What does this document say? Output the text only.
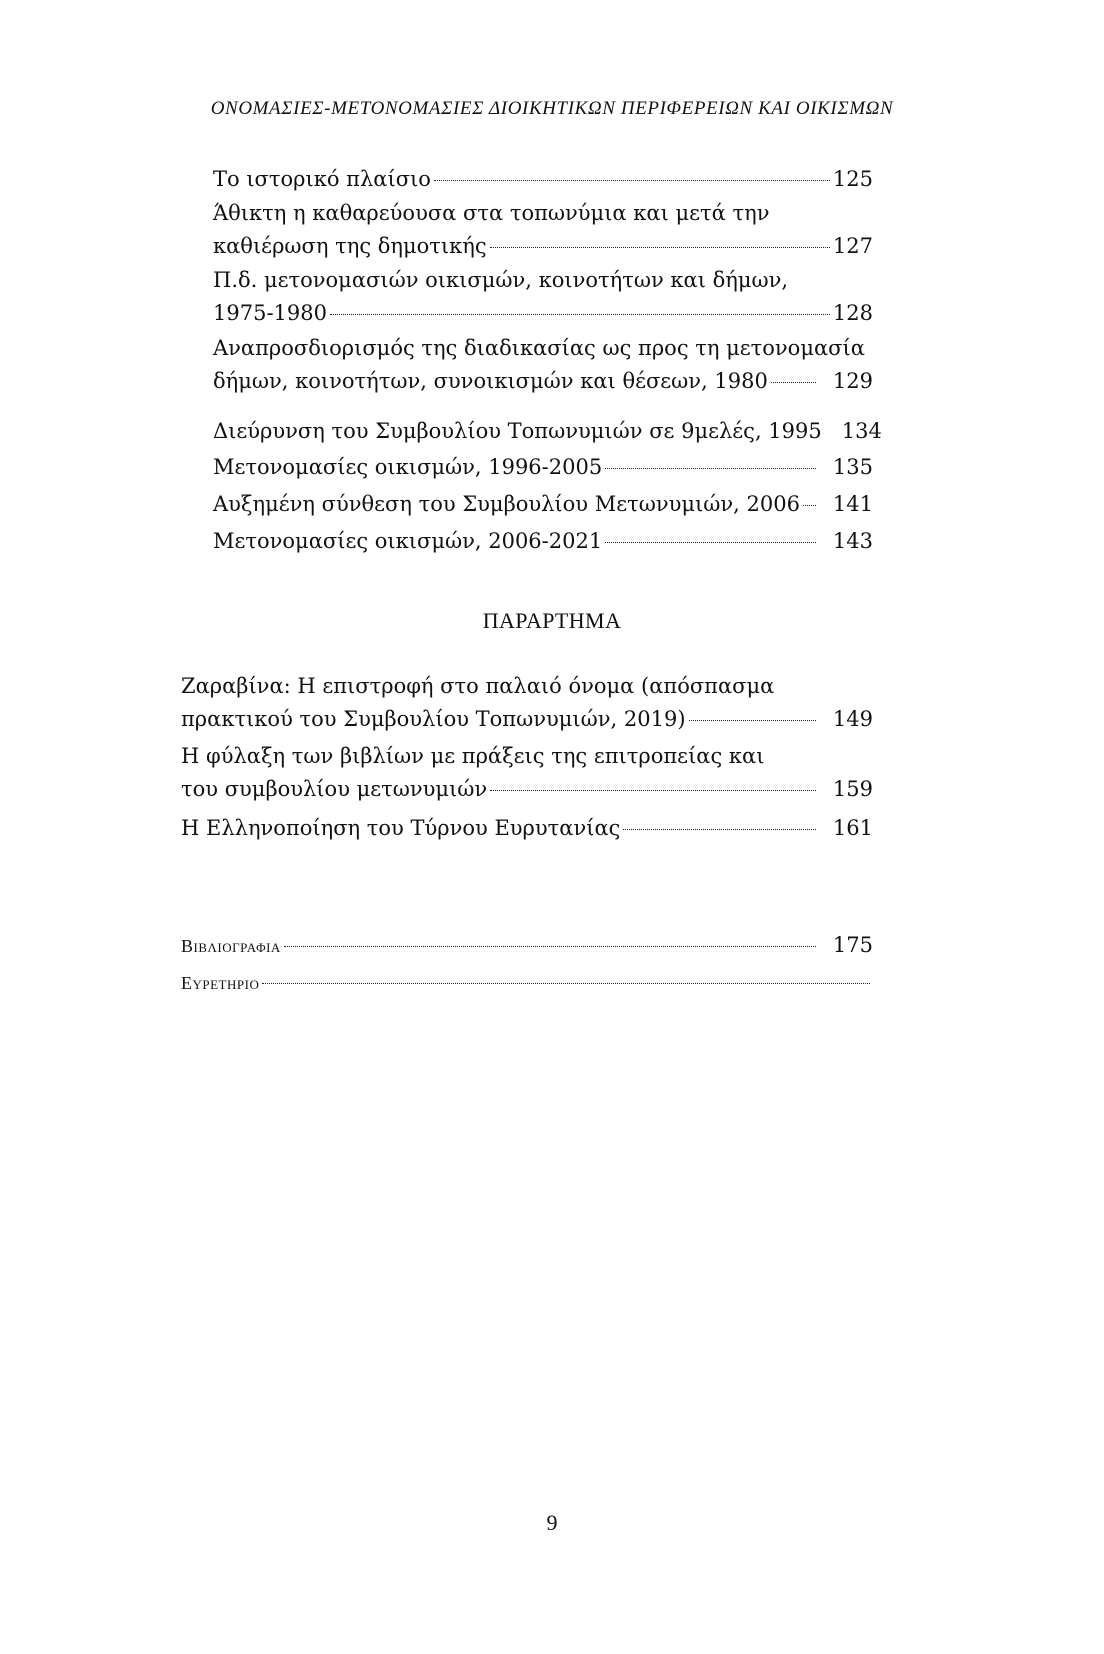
ΟΝΟΜΑΣΙΕΣ-ΜΕΤΟΝΟΜΑΣΙΕΣ ΔΙΟΙΚΗΤΙΚΩΝ ΠΕΡΙΦΕΡΕΙΩΝ ΚΑΙ ΟΙΚΙΣΜΩΝ
Το ιστορικό πλαίσιο	125
Άθικτη η καθαρεύουσα στα τοπωνύμια και μετά την
καθιέρωση της δημοτικής	127
Π.δ. μετονομασιών οικισμών, κοινοτήτων και δήμων,
1975-1980	128
Αναπροσδιορισμός της διαδικασίας ως προς τη μετονομασία
δήμων, κοινοτήτων, συνοικισμών και θέσεων, 1980	129
Διεύρυνση του Συμβουλίου Τοπωνυμιών σε 9μελές, 1995 134
Μετονομασίες οικισμών, 1996-2005	135
Αυξημένη σύνθεση του Συμβουλίου Μετωνυμιών, 2006	141
Μετονομασίες οικισμών, 2006-2021	143
ΠΑΡΑΡΤΗΜΑ
Ζαραβίνα: Η επιστροφή στο παλαιό όνομα (απόσπασμα
πρακτικού του Συμβουλίου Τοπωνυμιών, 2019)	149
Η φύλαξη των βιβλίων με πράξεις της επιτροπείας και
του συμβουλίου μετωνυμιών	159
Η Ελληνοποίηση του Τύρνου Ευρυτανίας	161
Βιβλιογραφια	175
Ευρετηριο
9
